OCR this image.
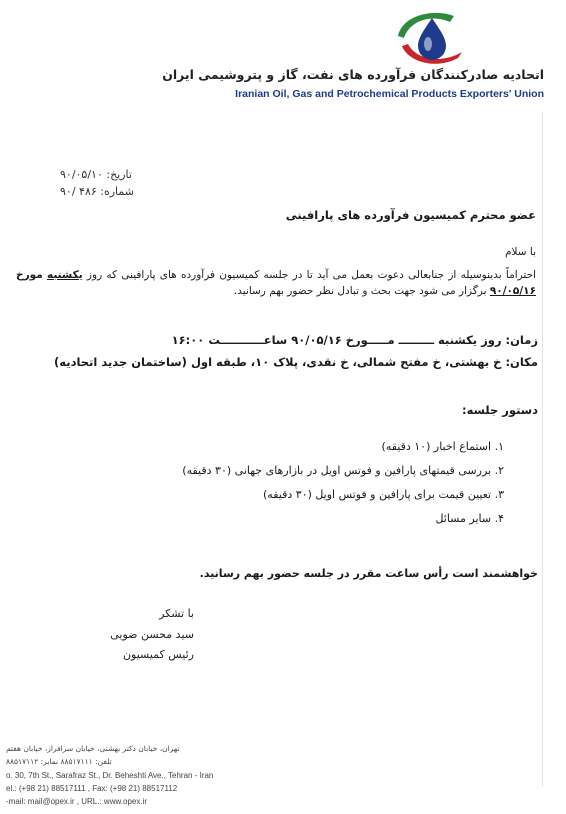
اتحادیه صادرکنندگان فرآورده های نفت، گاز و پتروشیمی ایران
Iranian Oil, Gas and Petrochemical Products Exporters' Union
تاریخ: ۹۰/۰۵/۱۰
شماره: ۴۸۶ /۹۰
عضو محترم کمیسیون فرآورده های پارافینی
با سلام
احتراماً بدینوسیله از جنابعالی دعوت بعمل می آید تا در جلسه کمیسیون فرآورده های پارافینی که روز یکشنبه مورخ ۹۰/۰۵/۱۶ برگزار می شود جهت بحث و تبادل نظر حضور بهم رسانید.
زمان: روز یکشنبه ـــــــــ مـــــورخ ۹۰/۰۵/۱۶ ساعـــــــــــت ۱۶:۰۰
مکان: خ بهشتی، خ مفتح شمالی، خ نقدی، پلاک ۱۰، طبقه اول (ساختمان جدید اتحادیه)
دستور جلسه:
۱. استماع اخبار (۱۰ دقیقه)
۲. بررسی قیمتهای پارافین و فوتس اویل در بازارهای جهانی (۳۰ دقیقه)
۳. تعیین قیمت برای پارافین و فوتس اویل (۳۰ دقیقه)
۴. سایر مسائل
خواهشمند است رأس ساعت مقرر در جلسه حضور بهم رسانید.
با تشکر
سید محسن ضویی
رئیس کمیسیون
تهران، خیابان دکتر بهشتی، خیابان سرافراز، خیابان هفتم
تلفن: ۸۸۵۱۷۱۱۱ نمابر: ۸۸۵۱۷۱۱۲
o. 30, 7th St., Sarafraz St., Dr. Beheshti Ave., Tehran - Iran
el.: (+98 21) 88517111 , Fax: (+98 21) 88517112
-mail: mail@opex.ir , URL.: www.opex.ir
